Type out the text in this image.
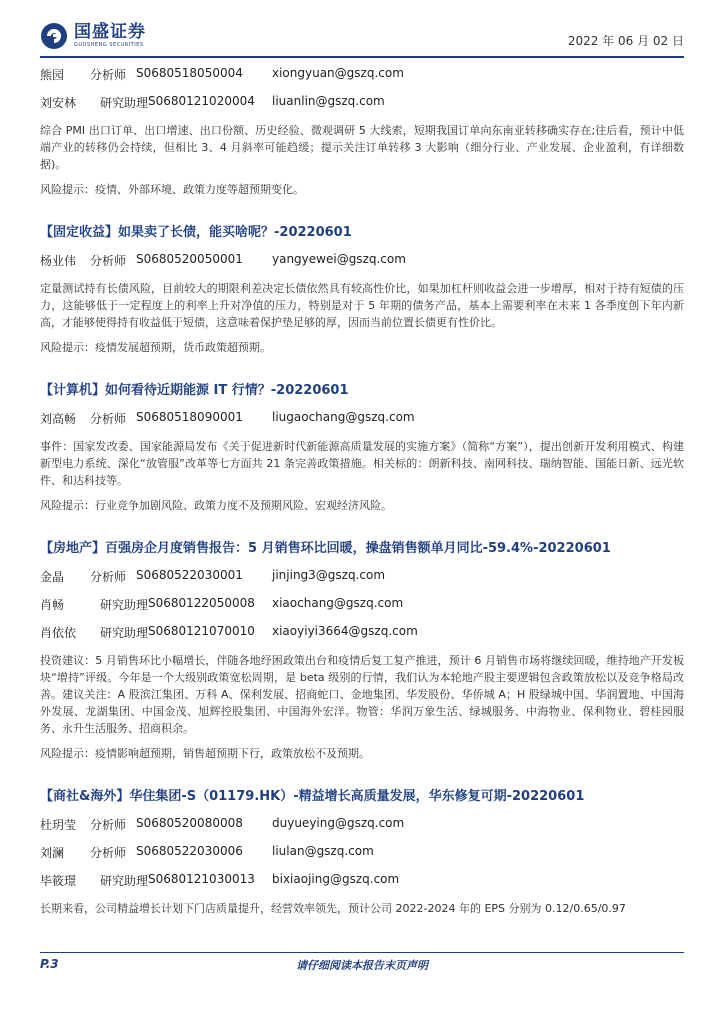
国盛证券
GUOSHENG SECURITIES	2022 年 06 月 02 日
熊园 分析师 S0680518050004 xiongyuan@gszq.com
刘安林 研究助理 S0680121020004 liuanlin@gszq.com
综合 PMI 出口订单、出口增速、出口份额、历史经验、微观调研 5 大线索，短期我国订单向东南亚转移确实存在;往后看，预计中低端产业的转移仍会持续，但相比 3、4 月斜率可能趋缓；提示关注订单转移 3 大影响（细分行业、产业发展、企业盈利，有详细数据)。
风险提示：疫情、外部环境、政策力度等超预期变化。
【固定收益】如果卖了长债，能买啥呢？-20220601
杨业伟 分析师 S0680520050001 yangyewei@gszq.com
定量测试持有长债风险，目前较大的期限利差决定长债依然具有较高性价比，如果加杠杆则收益会进一步增厚，相对于持有短债的压力，这能够低于一定程度上的利率上升对净值的压力，特别是对于 5 年期的债务产品，基本上需要利率在未来 1 各季度创下年内新高，才能够使得持有收益低于短债，这意味着保护垫足够的厚，因而当前位置长债更有性价比。
风险提示：疫情发展超预期，货币政策超预期。
【计算机】如何看待近期能源 IT 行情？-20220601
刘高畅 分析师 S0680518090001 liugaochang@gszq.com
事件：国家发改委、国家能源局发布《关于促进新时代新能源高质量发展的实施方案》（简称“方案”），提出创新开发利用模式、构建新型电力系统、深化“放管服”改革等七方面共 21 条完善政策措施。相关标的：朗新科技、南网科技、瑞纳智能、国能日新、远光软件、和达科技等。
风险提示：行业竞争加剧风险、政策力度不及预期风险、宏观经济风险。
【房地产】百强房企月度销售报告：5 月销售环比回暖，操盘销售额单月同比-59.4%-20220601
金晶 分析师 S0680522030001 jinjing3@gszq.com
肖畅	研究助理 S0680122050008 xiaochang@gszq.com
肖依依 研究助理 S0680121070010 xiaoyiyi3664@gszq.com
投资建议：5 月销售环比小幅增长，伴随各地纾困政策出台和疫情后复工复产推进，预计 6 月销售市场将继续回暖，维持地产开发板块“增持”评级。今年是一个大级别政策宽松周期，是 beta 级别的行情，我们认为本轮地产股主要逻辑包含政策放松以及竞争格局改善。建议关注：A 股滨江集团、万科 A、保利发展、招商蛇口、金地集团、华发股份、华侨城 A；H 股绿城中国、华润置地、中国海外发展、龙湖集团、中国金茂、旭辉控股集团、中国海外宏洋。物管：华润万象生活、绿城服务、中海物业、保利物业、碧桂园服务、永升生活服务、招商积余。
风险提示：疫情影响超预期，销售超预期下行，政策放松不及预期。
【商社&海外】华住集团-S（01179.HK）-精益增长高质量发展，华东修复可期-20220601
杜玥莹 分析师 S0680520080008 duyueying@gszq.com
刘澜 分析师 S0680522030006 liulan@gszq.com
毕筱璟 研究助理 S0680121030013 bixiaojing@gszq.com
长期来看，公司精益增长计划下门店质量提升，经营效率领先，预计公司 2022-2024 年的 EPS 分别为 0.12/0.65/0.97
P.3	请仔细阅读本报告末页声明
